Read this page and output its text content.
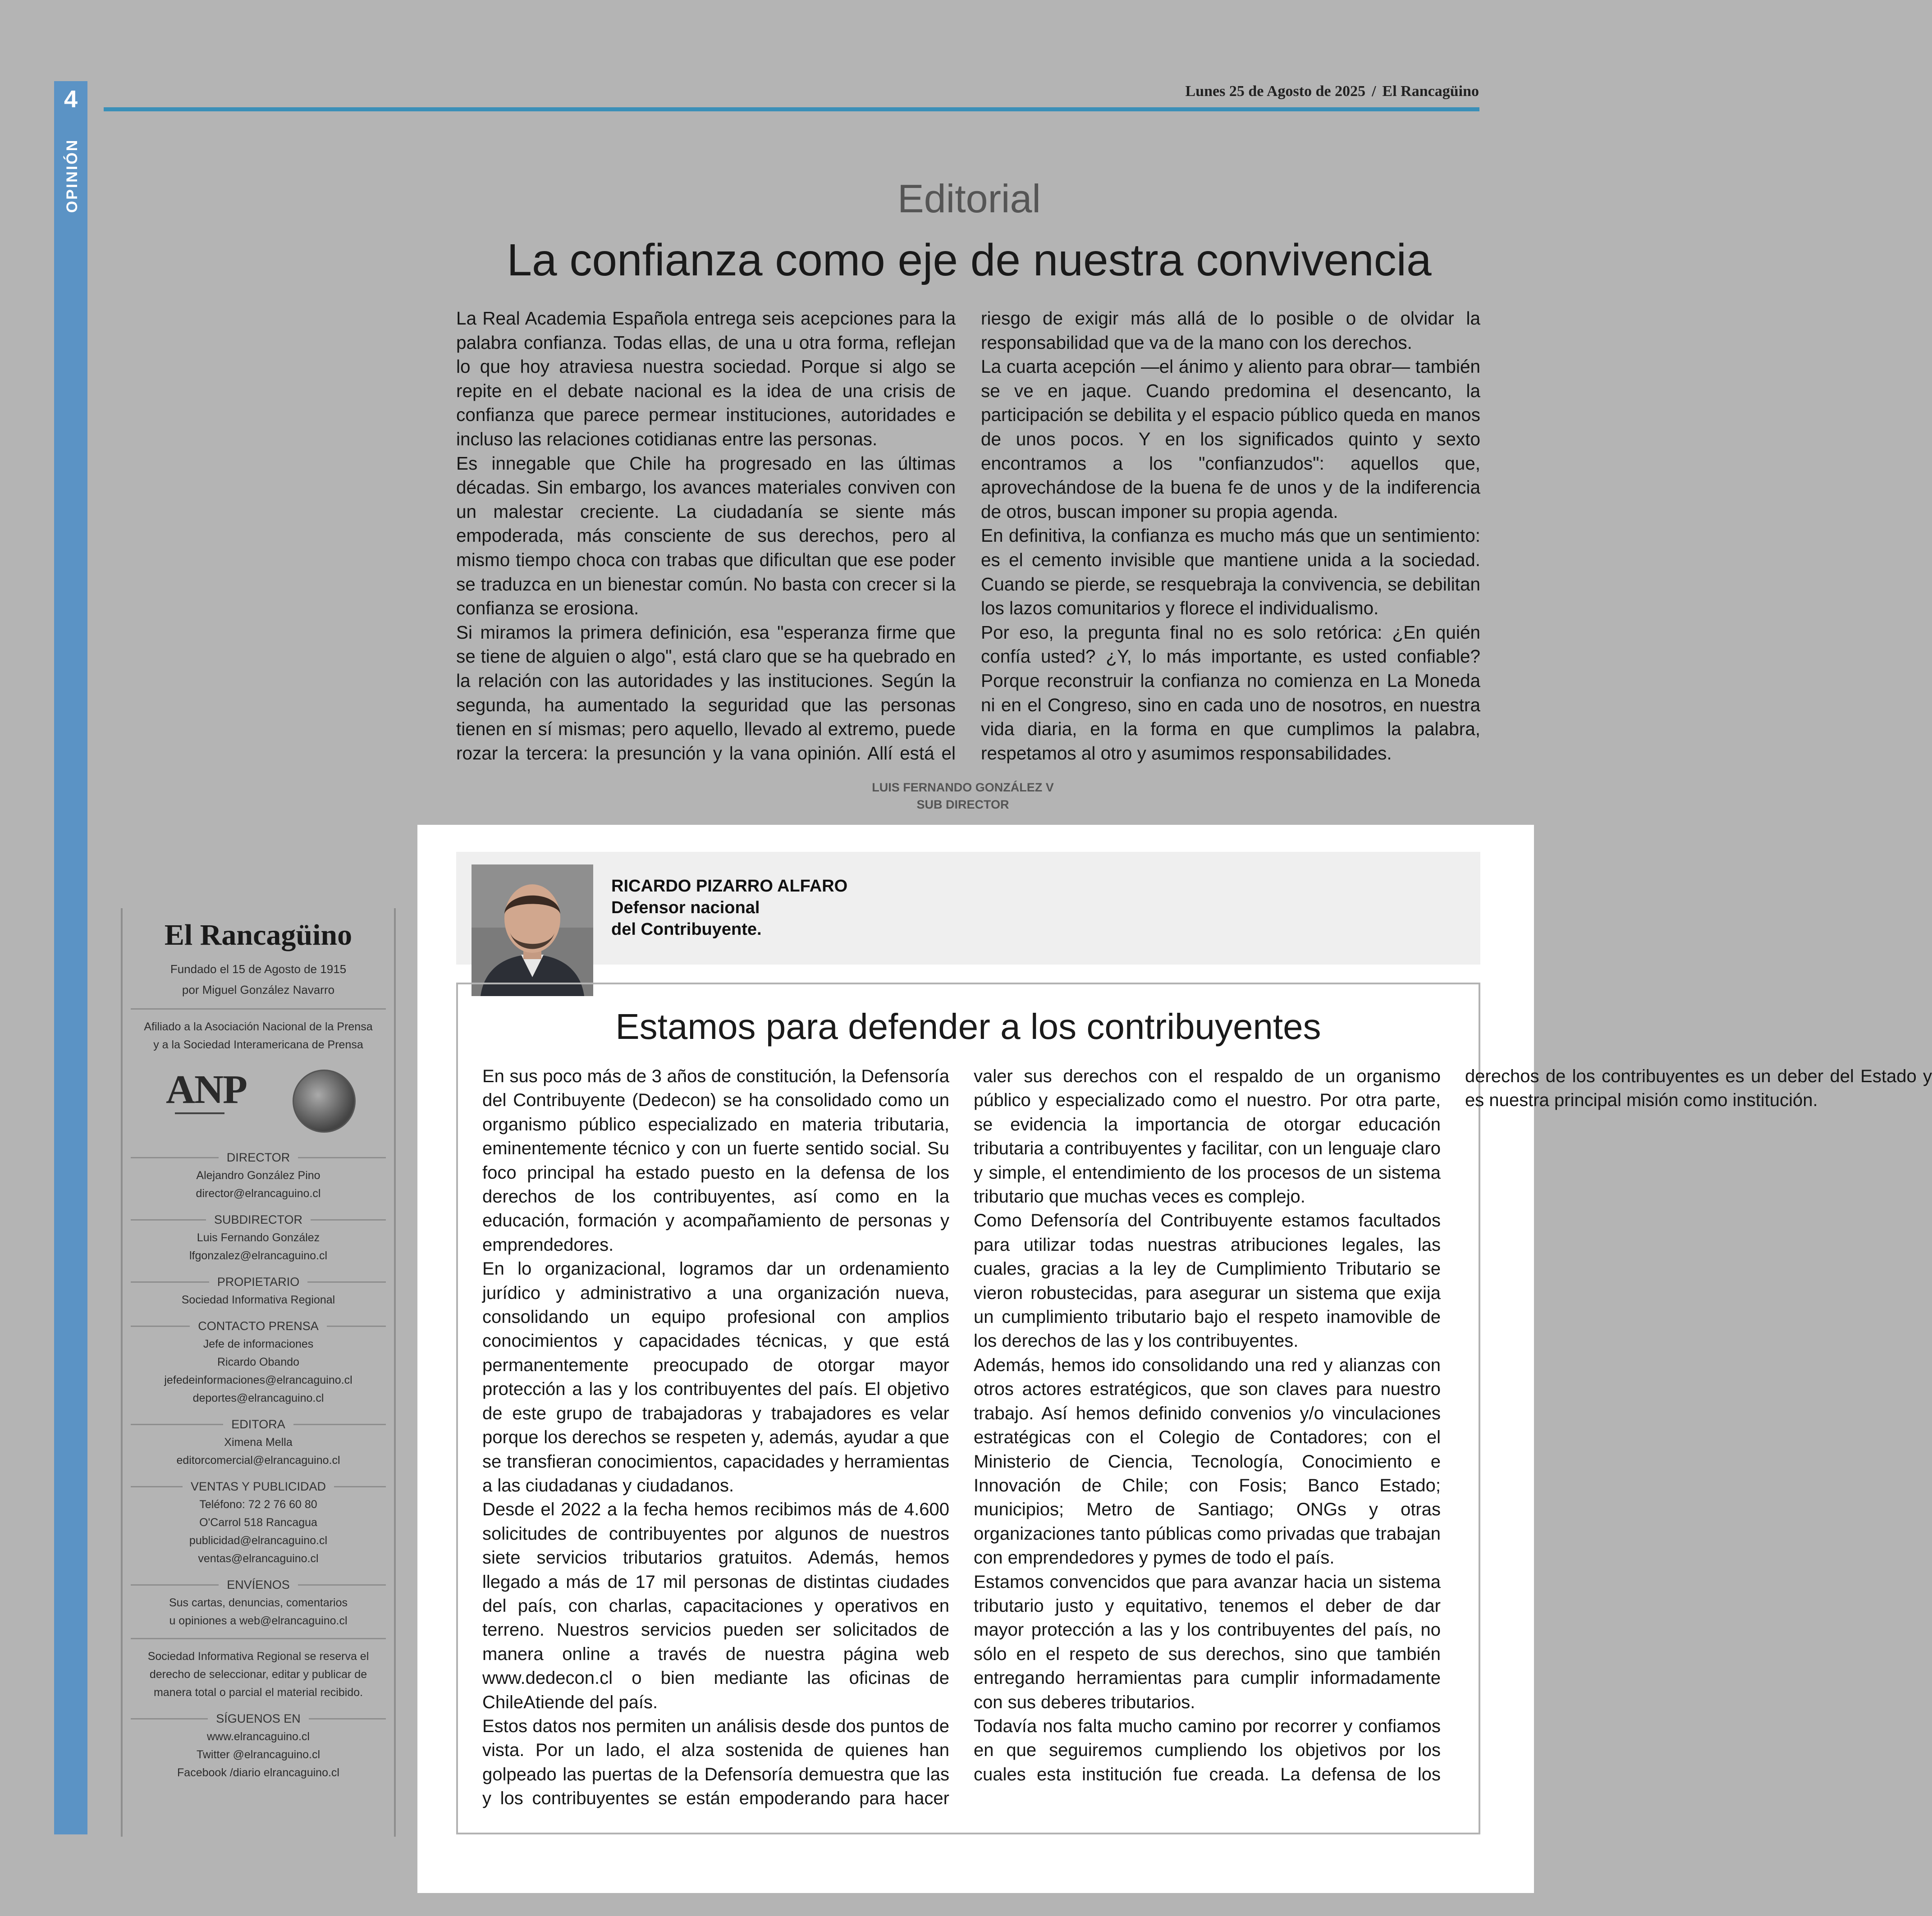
4
OPINIÓN
Lunes 25 de Agosto de 2025 / El Rancagüino
Editorial
La confianza como eje de nuestra convivencia

La Real Academia Española entrega seis acepciones para la palabra confianza. Todas ellas, de una u otra forma, reflejan lo que hoy atraviesa nuestra sociedad. Porque si algo se repite en el debate nacional es la idea de una crisis de confianza que parece permear instituciones, autoridades e incluso las relaciones cotidianas entre las personas.

Es innegable que Chile ha progresado en las últimas décadas. Sin embargo, los avances materiales conviven con un malestar creciente. La ciudadanía se siente más empoderada, más consciente de sus derechos, pero al mismo tiempo choca con trabas que dificultan que ese poder se traduzca en un bienestar común. No basta con crecer si la confianza se erosiona.

Si miramos la primera definición, esa "esperanza firme que se tiene de alguien o algo", está claro que se ha quebrado en la relación con las autoridades y las instituciones. Según la segunda, ha aumentado la seguridad que las personas tienen en sí mismas; pero aquello, llevado al extremo, puede rozar la tercera: la presunción y la vana opinión. Allí está el riesgo de exigir más allá de lo posible o de olvidar la responsabilidad que va de la mano con los derechos.

La cuarta acepción —el ánimo y aliento para obrar— también se ve en jaque. Cuando predomina el desencanto, la participación se debilita y el espacio público queda en manos de unos pocos. Y en los significados quinto y sexto encontramos a los "confianzudos": aquellos que, aprovechándose de la buena fe de unos y de la indiferencia de otros, buscan imponer su propia agenda.

En definitiva, la confianza es mucho más que un sentimiento: es el cemento invisible que mantiene unida a la sociedad. Cuando se pierde, se resquebraja la convivencia, se debilitan los lazos comunitarios y florece el individualismo.

Por eso, la pregunta final no es solo retórica: ¿En quién confía usted? ¿Y, lo más importante, es usted confiable? Porque reconstruir la confianza no comienza en La Moneda ni en el Congreso, sino en cada uno de nosotros, en nuestra vida diaria, en la forma en que cumplimos la palabra, respetamos al otro y asumimos responsabilidades.

LUIS FERNANDO GONZÁLEZ V
SUB DIRECTOR
El Rancagüino
Fundado el 15 de Agosto de 1915
por Miguel González Navarro
Afiliado a la Asociación Nacional de la Prensa
y a la Sociedad Interamericana de Prensa
ANP
DIRECTOR
Alejandro González Pino
director@elrancaguino.cl
SUBDIRECTOR
Luis Fernando González
lfgonzalez@elrancaguino.cl
PROPIETARIO
Sociedad Informativa Regional
CONTACTO PRENSA
Jefe de informaciones
Ricardo Obando
jefedeinformaciones@elrancaguino.cl
deportes@elrancaguino.cl
EDITORA
Ximena Mella
editorcomercial@elrancaguino.cl
VENTAS Y PUBLICIDAD
Teléfono: 72 2 76 60 80
O'Carrol 518 Rancagua
publicidad@elrancaguino.cl
ventas@elrancaguino.cl
ENVÍENOS
Sus cartas, denuncias, comentarios
u opiniones a web@elrancaguino.cl
Sociedad Informativa Regional se reserva el
derecho de seleccionar, editar y publicar de
manera total o parcial el material recibido.
SÍGUENOS EN
www.elrancaguino.cl
Twitter @elrancaguino.cl
Facebook /diario elrancaguino.cl
RICARDO PIZARRO ALFARO
Defensor nacional
del Contribuyente.
Estamos para defender a los contribuyentes

En sus poco más de 3 años de constitución, la Defensoría del Contribuyente (Dedecon) se ha consolidado como un organismo público especializado en materia tributaria, eminentemente técnico y con un fuerte sentido social. Su foco principal ha estado puesto en la defensa de los derechos de los contribuyentes, así como en la educación, formación y acompañamiento de personas y emprendedores.

En lo organizacional, logramos dar un ordenamiento jurídico y administrativo a una organización nueva, consolidando un equipo profesional con amplios conocimientos y capacidades técnicas, y que está permanentemente preocupado de otorgar mayor protección a las y los contribuyentes del país. El objetivo de este grupo de trabajadoras y trabajadores es velar porque los derechos se respeten y, además, ayudar a que se transfieran conocimientos, capacidades y herramientas a las ciudadanas y ciudadanos.

Desde el 2022 a la fecha hemos recibimos más de 4.600 solicitudes de contribuyentes por algunos de nuestros siete servicios tributarios gratuitos. Además, hemos llegado a más de 17 mil personas de distintas ciudades del país, con charlas, capacitaciones y operativos en terreno. Nuestros servicios pueden ser solicitados de manera online a través de nuestra página web www.dedecon.cl o bien mediante las oficinas de ChileAtiende del país.

Estos datos nos permiten un análisis desde dos puntos de vista. Por un lado, el alza sostenida de quienes han golpeado las puertas de la Defensoría demuestra que las y los contribuyentes se están empoderando para hacer valer sus derechos con el respaldo de un organismo público y especializado como el nuestro. Por otra parte, se evidencia la importancia de otorgar educación tributaria a contribuyentes y facilitar, con un lenguaje claro y simple, el entendimiento de los procesos de un sistema tributario que muchas veces es complejo.

Como Defensoría del Contribuyente estamos facultados para utilizar todas nuestras atribuciones legales, las cuales, gracias a la ley de Cumplimiento Tributario se vieron robustecidas, para asegurar un sistema que exija un cumplimiento tributario bajo el respeto inamovible de los derechos de las y los contribuyentes.

Además, hemos ido consolidando una red y alianzas con otros actores estratégicos, que son claves para nuestro trabajo. Así hemos definido convenios y/o vinculaciones estratégicas con el Colegio de Contadores; con el Ministerio de Ciencia, Tecnología, Conocimiento e Innovación de Chile; con Fosis; Banco Estado; municipios; Metro de Santiago; ONGs y otras organizaciones tanto públicas como privadas que trabajan con emprendedores y pymes de todo el país.

Estamos convencidos que para avanzar hacia un sistema tributario justo y equitativo, tenemos el deber de dar mayor protección a las y los contribuyentes del país, no sólo en el respeto de sus derechos, sino que también entregando herramientas para cumplir informadamente con sus deberes tributarios.

Todavía nos falta mucho camino por recorrer y confiamos en que seguiremos cumpliendo los objetivos por los cuales esta institución fue creada. La defensa de los derechos de los contribuyentes es un deber del Estado y es nuestra principal misión como institución.
